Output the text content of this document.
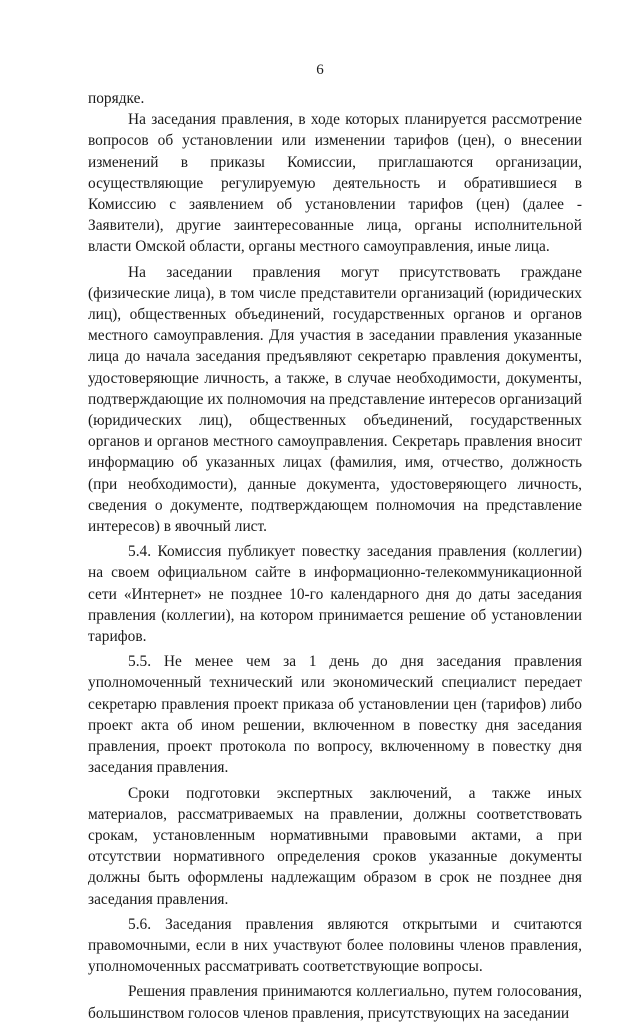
6

порядке.

На заседания правления, в ходе которых планируется рассмотрение вопросов об установлении или изменении тарифов (цен), о внесении изменений в приказы Комиссии, приглашаются организации, осуществляющие регулируемую деятельность и обратившиеся в Комиссию с заявлением об установлении тарифов (цен) (далее - Заявители), другие заинтересованные лица, органы исполнительной власти Омской области, органы местного самоуправления, иные лица.

На заседании правления могут присутствовать граждане (физические лица), в том числе представители организаций (юридических лиц), общественных объединений, государственных органов и органов местного самоуправления. Для участия в заседании правления указанные лица до начала заседания предъявляют секретарю правления документы, удостоверяющие личность, а также, в случае необходимости, документы, подтверждающие их полномочия на представление интересов организаций (юридических лиц), общественных объединений, государственных органов и органов местного самоуправления. Секретарь правления вносит информацию об указанных лицах (фамилия, имя, отчество, должность (при необходимости), данные документа, удостоверяющего личность, сведения о документе, подтверждающем полномочия на представление интересов) в явочный лист.

5.4. Комиссия публикует повестку заседания правления (коллегии) на своем официальном сайте в информационно-телекоммуникационной сети «Интернет» не позднее 10-го календарного дня до даты заседания правления (коллегии), на котором принимается решение об установлении тарифов.

5.5. Не менее чем за 1 день до дня заседания правления уполномоченный технический или экономический специалист передает секретарю правления проект приказа об установлении цен (тарифов) либо проект акта об ином решении, включенном в повестку дня заседания правления, проект протокола по вопросу, включенному в повестку дня заседания правления.

Сроки подготовки экспертных заключений, а также иных материалов, рассматриваемых на правлении, должны соответствовать срокам, установленным нормативными правовыми актами, а при отсутствии нормативного определения сроков указанные документы должны быть оформлены надлежащим образом в срок не позднее дня заседания правления.

5.6. Заседания правления являются открытыми и считаются правомочными, если в них участвуют более половины членов правления, уполномоченных рассматривать соответствующие вопросы.

Решения правления принимаются коллегиально, путем голосования, большинством голосов членов правления, присутствующих на заседании
